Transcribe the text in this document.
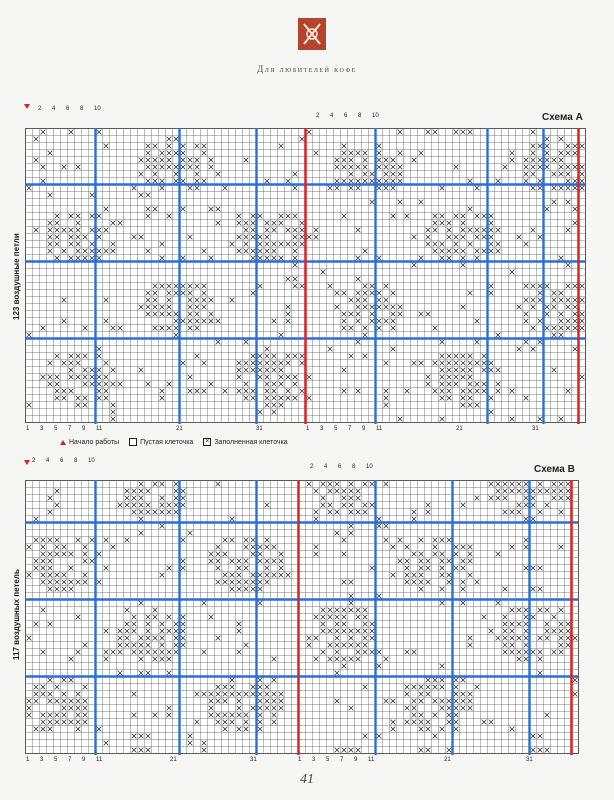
Для любителей кофе
Схема А
123 воздушные петли
2 4 6 8 10
2 4 6 8 10
1 3 5 7 9 11	21	31	1 3 5 7 9 11	21	31
Начало работы	Пустая клеточка × Заполненная клеточка
Схема В
117 воздушных петель
2 4 6 8 10
2 4 6 8 10
1 3 5 7 9 11	21	31	1 3 5 7 9 11	21	31
41
